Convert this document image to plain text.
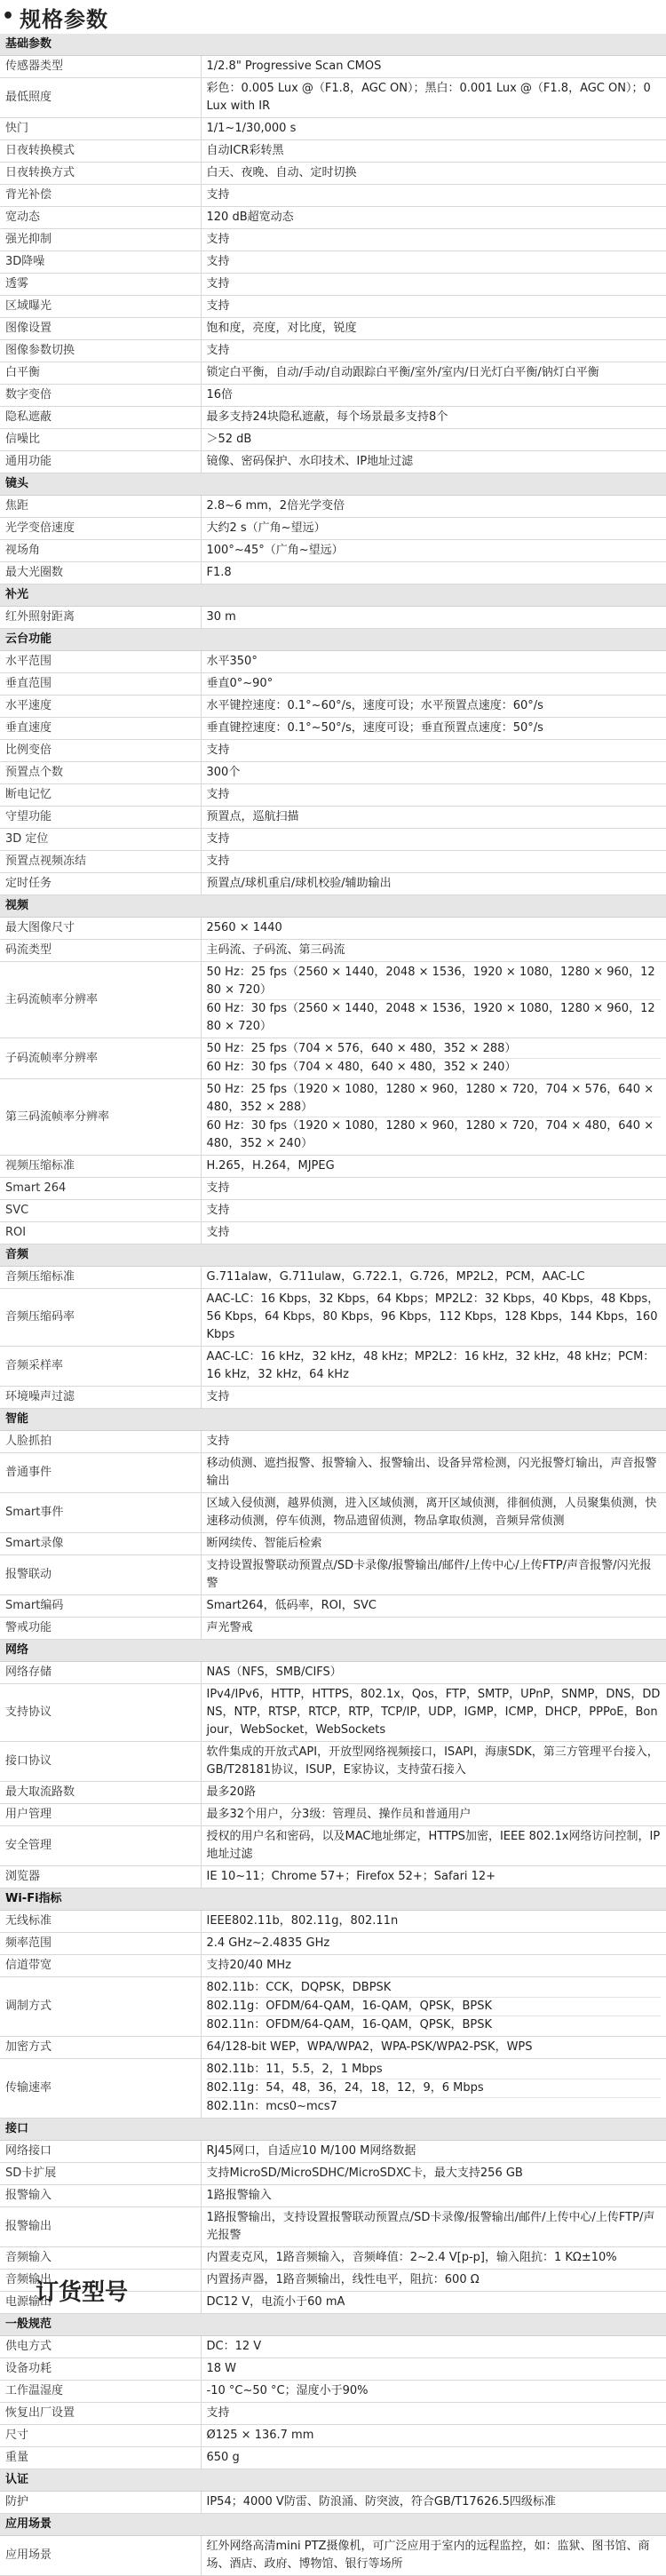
• 规格参数
基础参数	
传感器类型	1/2.8" Progressive Scan CMOS
最低照度	彩色：0.005 Lux @（F1.8，AGC ON）；黑白：0.001 Lux @（F1.8，AGC ON）；0 Lux with IR
快门	1/1~1/30,000 s
日夜转换模式	自动ICR彩转黑
日夜转换方式	白天、夜晚、自动、定时切换
背光补偿	支持
宽动态	120 dB超宽动态
强光抑制	支持
3D降噪	支持
透雾	支持
区域曝光	支持
图像设置	饱和度，亮度，对比度，锐度
图像参数切换	支持
白平衡	锁定白平衡，自动/手动/自动跟踪白平衡/室外/室内/日光灯白平衡/钠灯白平衡
数字变倍	16倍
隐私遮蔽	最多支持24块隐私遮蔽，每个场景最多支持8个
信噪比	＞52 dB
通用功能	镜像、密码保护、水印技术、IP地址过滤
镜头	
焦距	2.8~6 mm，2倍光学变倍
光学变倍速度	大约2 s（广角~望远）
视场角	100°~45°（广角~望远）
最大光圈数	F1.8
补光	
红外照射距离	30 m
云台功能	
水平范围	水平350°
垂直范围	垂直0°~90°
水平速度	水平键控速度：0.1°~60°/s，速度可设；水平预置点速度：60°/s
垂直速度	垂直键控速度：0.1°~50°/s，速度可设；垂直预置点速度：50°/s
比例变倍	支持
预置点个数	300个
断电记忆	支持
守望功能	预置点，巡航扫描
3D 定位	支持
预置点视频冻结	支持
定时任务	预置点/球机重启/球机校验/辅助输出
视频	
最大图像尺寸	2560 × 1440
码流类型	主码流、子码流、第三码流
主码流帧率分辨率	50 Hz：25 fps（2560 × 1440，2048 × 1536，1920 × 1080，1280 × 960，1280 × 720）
60 Hz：30 fps（2560 × 1440，2048 × 1536，1920 × 1080，1280 × 960，1280 × 720）

子码流帧率分辨率	50 Hz：25 fps（704 × 576，640 × 480，352 × 288）
60 Hz：30 fps（704 × 480，640 × 480，352 × 240）

第三码流帧率分辨率	50 Hz：25 fps（1920 × 1080，1280 × 960，1280 × 720，704 × 576，640 × 480，352 × 288）
60 Hz：30 fps（1920 × 1080，1280 × 960，1280 × 720，704 × 480，640 × 480，352 × 240）

视频压缩标准	H.265，H.264，MJPEG
Smart 264	支持
SVC	支持
ROI	支持
音频	
音频压缩标准	G.711alaw，G.711ulaw，G.722.1，G.726，MP2L2，PCM，AAC-LC
音频压缩码率	AAC-LC：16 Kbps，32 Kbps，64 Kbps；MP2L2：32 Kbps，40 Kbps，48 Kbps，56 Kbps，64 Kbps，80 Kbps，96 Kbps，112 Kbps，128 Kbps，144 Kbps，160 Kbps
音频采样率	AAC-LC：16 kHz，32 kHz，48 kHz；MP2L2：16 kHz，32 kHz，48 kHz；PCM：16 kHz，32 kHz，64 kHz
环境噪声过滤	支持
智能	
人脸抓拍	支持
普通事件	移动侦测、遮挡报警、报警输入、报警输出、设备异常检测，闪光报警灯输出，声音报警输出
Smart事件	区域入侵侦测，越界侦测，进入区域侦测，离开区域侦测，徘徊侦测，人员聚集侦测，快速移动侦测，停车侦测，物品遗留侦测，物品拿取侦测，音频异常侦测
Smart录像	断网续传、智能后检索
报警联动	支持设置报警联动预置点/SD卡录像/报警输出/邮件/上传中心/上传FTP/声音报警/闪光报警
Smart编码	Smart264，低码率，ROI，SVC
警戒功能	声光警戒
网络	
网络存储	NAS（NFS，SMB/CIFS）
支持协议	IPv4/IPv6，HTTP，HTTPS，802.1x，Qos，FTP，SMTP，UPnP，SNMP，DNS，DDNS，NTP，RTSP，RTCP，RTP，TCP/IP，UDP，IGMP，ICMP，DHCP，PPPoE，Bonjour，WebSocket，WebSockets
接口协议	软件集成的开放式API，开放型网络视频接口，ISAPI，海康SDK，第三方管理平台接入，GB/T28181协议，ISUP，E家协议，支持萤石接入
最大取流路数	最多20路
用户管理	最多32个用户，分3级：管理员、操作员和普通用户
安全管理	授权的用户名和密码，以及MAC地址绑定，HTTPS加密，IEEE 802.1x网络访问控制，IP地址过滤
浏览器	IE 10~11；Chrome 57+；Firefox 52+；Safari 12+
Wi-Fi指标	
无线标准	IEEE802.11b，802.11g，802.11n
频率范围	2.4 GHz~2.4835 GHz
信道带宽	支持20/40 MHz
调制方式	802.11b：CCK，DQPSK，DBPSK
802.11g：OFDM/64-QAM，16-QAM，QPSK，BPSK
802.11n：OFDM/64-QAM，16-QAM，QPSK，BPSK

加密方式	64/128-bit WEP，WPA/WPA2，WPA-PSK/WPA2-PSK，WPS
传输速率	802.11b：11，5.5，2，1 Mbps
802.11g：54，48，36，24，18，12，9，6 Mbps
802.11n：mcs0~mcs7

接口	
网络接口	RJ45网口，自适应10 M/100 M网络数据
SD卡扩展	支持MicroSD/MicroSDHC/MicroSDXC卡，最大支持256 GB
报警输入	1路报警输入
报警输出	1路报警输出，支持设置报警联动预置点/SD卡录像/报警输出/邮件/上传中心/上传FTP/声光报警
音频输入	内置麦克风，1路音频输入，音频峰值：2~2.4 V[p-p]，输入阻抗：1 KΩ±10%
音频输出	内置扬声器，1路音频输出，线性电平，阻抗：600 Ω
电源输出	DC12 V，电流小于60 mA
一般规范	
供电方式	DC：12 V
设备功耗	18 W
工作温湿度	-10 °C~50 °C；湿度小于90%
恢复出厂设置	支持
尺寸	Ø125 × 136.7 mm
重量	650 g
认证	
防护	IP54；4000 V防雷、防浪涌、防突波，符合GB/T17626.5四级标准
应用场景	
应用场景	红外网络高清mini PTZ摄像机，可广泛应用于室内的远程监控，如：监狱、图书馆、商场、酒店、政府、博物馆、银行等场所
订货型号
